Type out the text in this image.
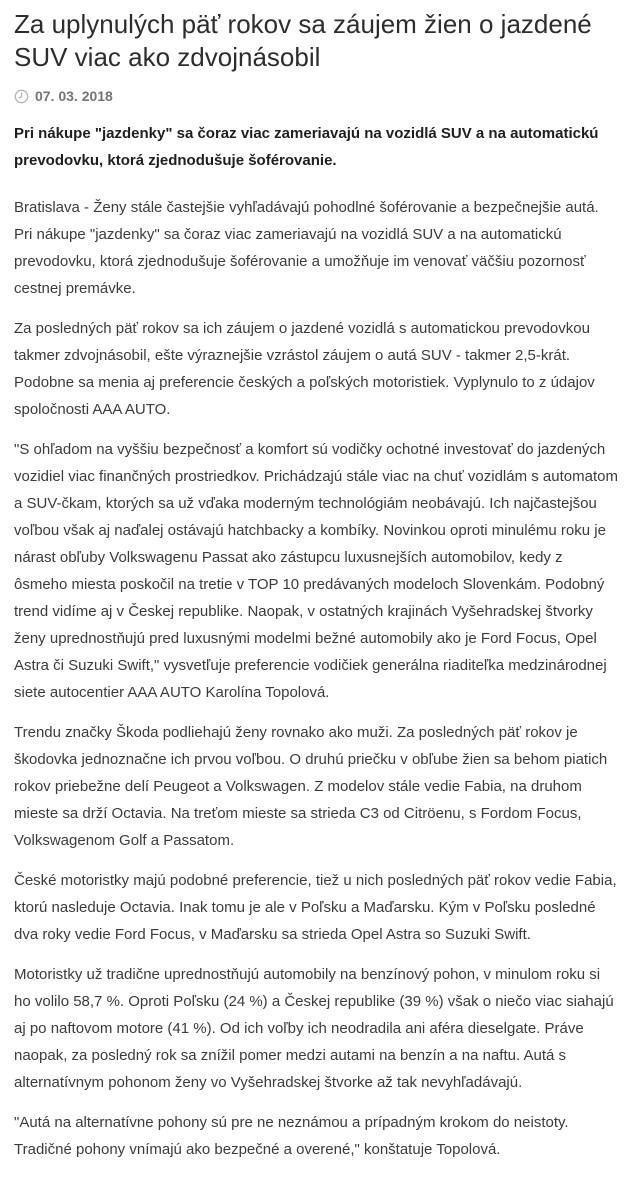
Za uplynulých päť rokov sa záujem žien o jazdené SUV viac ako zdvojnásobil
07. 03. 2018

Pri nákupe "jazdenky" sa čoraz viac zameriavajú na vozidlá SUV a na automatickú prevodovku, ktorá zjednodušuje šoférovanie.

Bratislava - Ženy stále častejšie vyhľadávajú pohodlné šoférovanie a bezpečnejšie autá. Pri nákupe "jazdenky" sa čoraz viac zameriavajú na vozidlá SUV a na automatickú prevodovku, ktorá zjednodušuje šoférovanie a umožňuje im venovať väčšiu pozornosť cestnej premávke.

Za posledných päť rokov sa ich záujem o jazdené vozidlá s automatickou prevodovkou takmer zdvojnásobil, ešte výraznejšie vzrástol záujem o autá SUV - takmer 2,5-krát. Podobne sa menia aj preferencie českých a poľských motoristiek. Vyplynulo to z údajov spoločnosti AAA AUTO.

"S ohľadom na vyššiu bezpečnosť a komfort sú vodičky ochotné investovať do jazdených vozidiel viac finančných prostriedkov. Prichádzajú stále viac na chuť vozidlám s automatom a SUV-čkam, ktorých sa už vďaka moderným technológiám neobávajú. Ich najčastejšou voľbou však aj naďalej ostávajú hatchbacky a kombíky. Novinkou oproti minulému roku je nárast obľuby Volkswagenu Passat ako zástupcu luxusnejších automobilov, kedy z ôsmeho miesta poskočil na tretie v TOP 10 predávaných modeloch Slovenkám. Podobný trend vidíme aj v Českej republike. Naopak, v ostatných krajinách Vyšehradskej štvorky ženy uprednostňujú pred luxusnými modelmi bežné automobily ako je Ford Focus, Opel Astra či Suzuki Swift," vysvetľuje preferencie vodičiek generálna riaditeľka medzinárodnej siete autocentier AAA AUTO Karolína Topolová.

Trendu značky Škoda podliehajú ženy rovnako ako muži. Za posledných päť rokov je škodovka jednoznačne ich prvou voľbou. O druhú priečku v obľube žien sa behom piatich rokov priebežne delí Peugeot a Volkswagen. Z modelov stále vedie Fabia, na druhom mieste sa drží Octavia. Na treťom mieste sa strieda C3 od Citröenu, s Fordom Focus, Volkswagenom Golf a Passatom.

České motoristky majú podobné preferencie, tiež u nich posledných päť rokov vedie Fabia, ktorú nasleduje Octavia. Inak tomu je ale v Poľsku a Maďarsku. Kým v Poľsku posledné dva roky vedie Ford Focus, v Maďarsku sa strieda Opel Astra so Suzuki Swift.

Motoristky už tradične uprednostňujú automobily na benzínový pohon, v minulom roku si ho volilo 58,7 %. Oproti Poľsku (24 %) a Českej republike (39 %) však o niečo viac siahajú aj po naftovom motore (41 %). Od ich voľby ich neodradila ani aféra dieselgate. Práve naopak, za posledný rok sa znížil pomer medzi autami na benzín a na naftu. Autá s alternatívnym pohonom ženy vo Vyšehradskej štvorke až tak nevyhľadávajú.

"Autá na alternatívne pohony sú pre ne neznámou a prípadným krokom do neistoty. Tradičné pohony vnímajú ako bezpečné a overené," konštatuje Topolová.
